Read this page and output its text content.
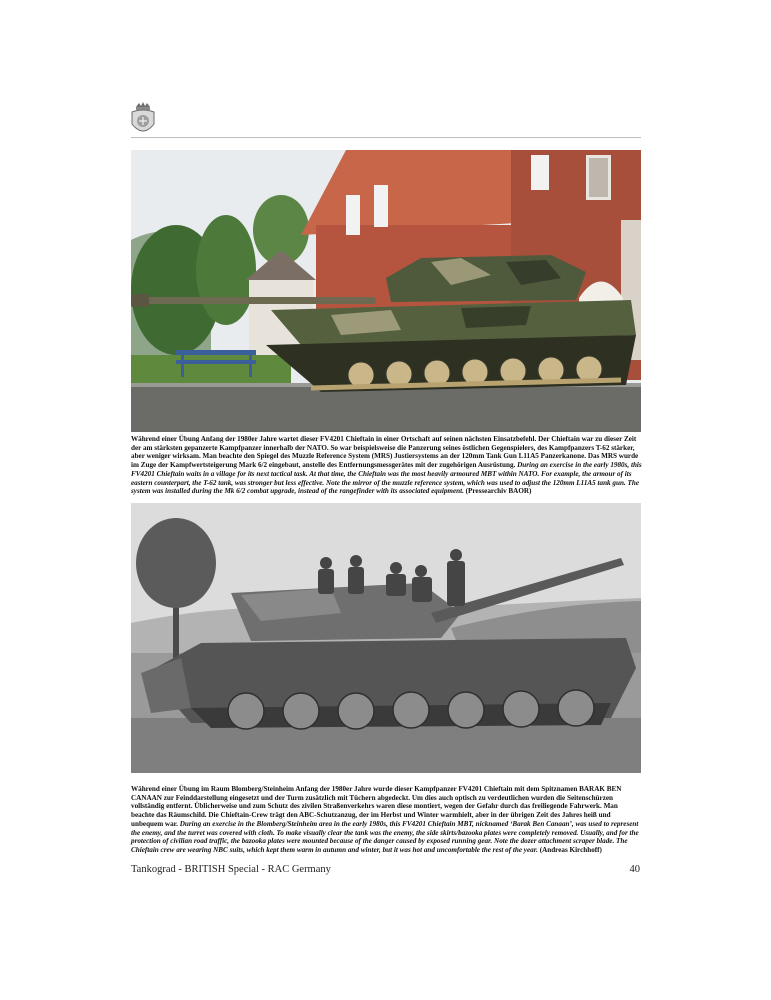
Während einer Übung Anfang der 1980er Jahre wartet dieser FV4201 Chieftain in einer Ortschaft auf seinen nächsten Einsatzbefehl. Der Chieftain war zu dieser Zeit der am stärksten gepanzerte Kampfpanzer innerhalb der NATO. So war beispielsweise die Panzerung seines östlichen Gegenspielers, des Kampfpanzers T-62 stärker, aber weniger wirksam. Man beachte den Spiegel des Muzzle Reference System (MRS) Justiersystems an der 120mm Tank Gun L11A5 Panzerkanone. Das MRS wurde im Zuge der Kampfwertsteigerung Mark 6/2 eingebaut, anstelle des Entfernungsmessgerätes mit der zugehörigen Ausrüstung. During an exercise in the early 1980s, this FV4201 Chieftain waits in a village for its next tactical task. At that time, the Chieftain was the most heavily armoured MBT within NATO. For example, the armour of its eastern counterpart, the T-62 tank, was stronger but less effective. Note the mirror of the muzzle reference system, which was used to adjust the 120mm L11A5 tank gun. The system was installed during the Mk 6/2 combat upgrade, instead of the rangefinder with its associated equipment. (Pressearchiv BAOR)

Während einer Übung im Raum Blomberg/Steinheim Anfang der 1980er Jahre wurde dieser Kampfpanzer FV4201 Chieftain mit dem Spitznamen BARAK BEN CANAAN zur Feinddarstellung eingesetzt und der Turm zusätzlich mit Tüchern abgedeckt. Um dies auch optisch zu verdeutlichen wurden die Seitenschürzen vollständig entfernt. Üblicherweise und zum Schutz des zivilen Straßenverkehrs waren diese montiert, wegen der Gefahr durch das freiliegende Fahrwerk. Man beachte das Räumschild. Die Chieftain-Crew trägt den ABC-Schutzanzug, der im Herbst und Winter warmhielt, aber in der übrigen Zeit des Jahres heiß und unbequem war. During an exercise in the Blomberg/Steinheim area in the early 1980s, this FV4201 Chieftain MBT, nicknamed ‘Barak Ben Canaan’, was used to represent the enemy, and the turret was covered with cloth. To make visually clear the tank was the enemy, the side skirts/bazooka plates were completely removed. Usually, and for the protection of civilian road traffic, the bazooka plates were mounted because of the danger caused by exposed running gear. Note the dozer attachment scraper blade. The Chieftain crew are wearing NBC suits, which kept them warm in autumn and winter, but it was hot and uncomfortable the rest of the year. (Andreas Kirchhoff)

Tankograd - BRITISH Special - RAC Germany	40
